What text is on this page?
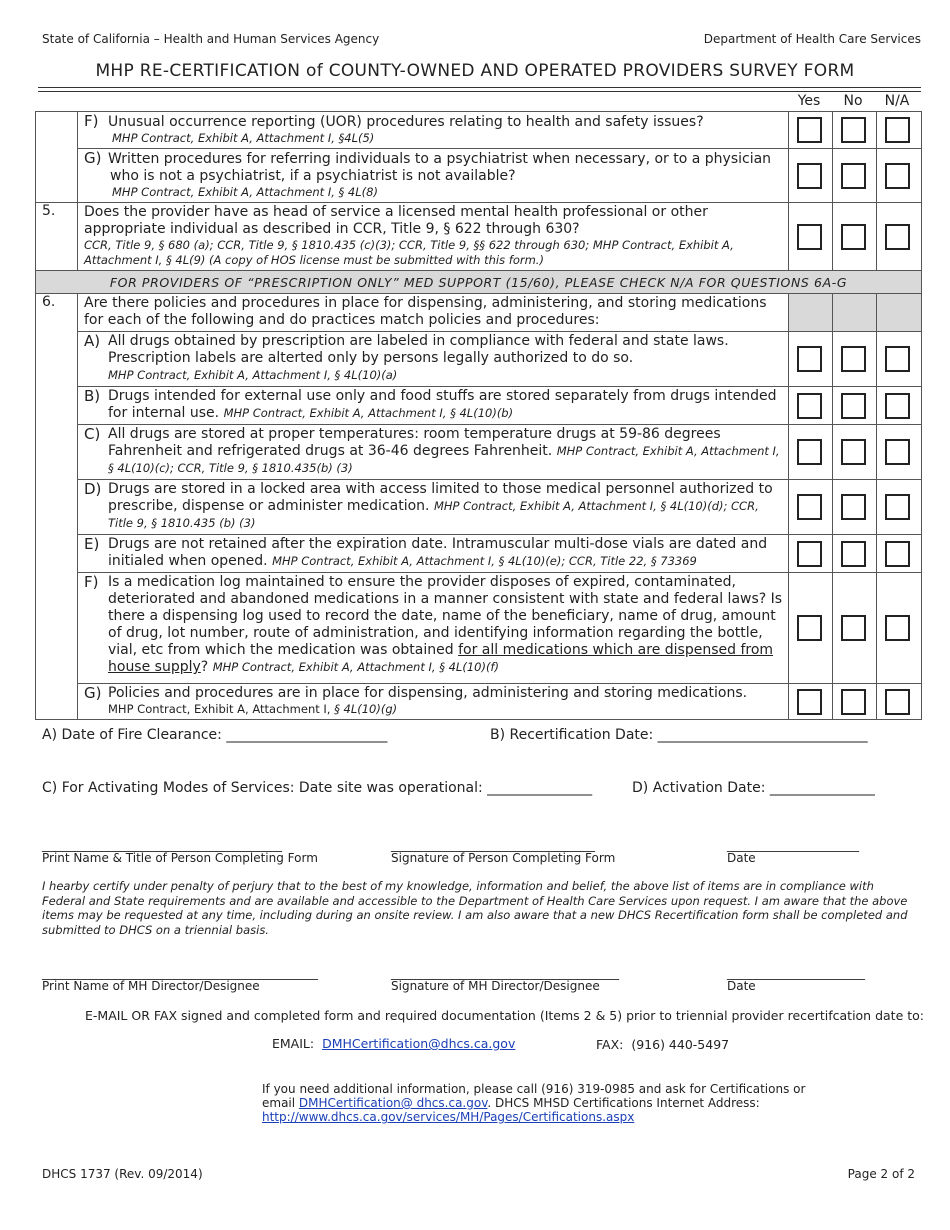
State of California – Health and Human Services Agency	Department of Health Care Services
MHP RE-CERTIFICATION of COUNTY-OWNED AND OPERATED PROVIDERS SURVEY FORM
Yes	No	N/A
	F) Unusual occurrence reporting (UOR) procedures relating to health and safety issues?
MHP Contract, Exhibit A, Attachment I, §4L(5)			

	G) Written procedures for referring individuals to a psychiatrist when necessary, or to a physician
who is not a psychiatrist, if a psychiatrist is not available?
MHP Contract, Exhibit A, Attachment I, § 4L(8)			

5.	Does the provider have as head of service a licensed mental health professional or other appropriate individual as described in CCR, Title 9, § 622 through 630?
CCR, Title 9, § 680 (a); CCR, Title 9, § 1810.435 (c)(3); CCR, Title 9, §§ 622 through 630; MHP Contract, Exhibit A, Attachment I, § 4L(9) (A copy of HOS license must be submitted with this form.)			

FOR PROVIDERS OF “PRESCRIPTION ONLY” MED SUPPORT (15/60), PLEASE CHECK N/A FOR QUESTIONS 6A-G				
6.	Are there policies and procedures in place for dispensing, administering, and storing medications for each of the following and do practices match policies and procedures:			

	A) All drugs obtained by prescription are labeled in compliance with federal and state laws. Prescription labels are alterted only by persons legally authorized to do so.
MHP Contract, Exhibit A, Attachment I, § 4L(10)(a)			

	B) Drugs intended for external use only and food stuffs are stored separately from drugs intended for internal use. MHP Contract, Exhibit A, Attachment I, § 4L(10)(b)			

	C) All drugs are stored at proper temperatures: room temperature drugs at 59-86 degrees Fahrenheit and refrigerated drugs at 36-46 degrees Fahrenheit. MHP Contract, Exhibit A, Attachment I, § 4L(10)(c); CCR, Title 9, § 1810.435(b) (3)			

	D) Drugs are stored in a locked area with access limited to those medical personnel authorized to prescribe, dispense or administer medication. MHP Contract, Exhibit A, Attachment I, § 4L(10)(d); CCR, Title 9, § 1810.435 (b) (3)			

	E) Drugs are not retained after the expiration date. Intramuscular multi-dose vials are dated and initialed when opened. MHP Contract, Exhibit A, Attachment I, § 4L(10)(e); CCR, Title 22, § 73369			

	F) Is a medication log maintained to ensure the provider disposes of expired, contaminated, deteriorated and abandoned medications in a manner consistent with state and federal laws? Is there a dispensing log used to record the date, name of the beneficiary, name of drug, amount of drug, lot number, route of administration, and identifying information regarding the bottle, vial, etc from which the medication was obtained for all medications which are dispensed from house supply? MHP Contract, Exhibit A, Attachment I, § 4L(10)(f)			

	G) Policies and procedures are in place for dispensing, administering and storing medications.
MHP Contract, Exhibit A, Attachment I, § 4L(10)(g)			

A) Date of Fire Clearance: _______________________	B) Recertification Date: ______________________________
C) For Activating Modes of Services: Date site was operational: _______________	D) Activation Date: _______________
________________________________________	__________________________________	______________________
Print Name & Title of Person Completing Form	Signature of Person Completing Form	Date
I hearby certify under penalty of perjury that to the best of my knowledge, information and belief, the above list of items are in compliance with Federal and State requirements and are available and accessible to the Department of Health Care Services upon request. I am aware that the above items may be requested at any time, including during an onsite review. I am also aware that a new DHCS Recertification form shall be completed and submitted to DHCS on a triennial basis.
______________________________________________	______________________________________	_______________________
Print Name of MH Director/Designee	Signature of MH Director/Designee	Date
E-MAIL OR FAX signed and completed form and required documentation (Items 2 & 5) prior to triennial provider recertifcation date to:
EMAIL: DMHCertification@dhcs.ca.gov	FAX: (916) 440-5497
If you need additional information, please call (916) 319-0985 and ask for Certifications or
email DMHCertification@ dhcs.ca.gov. DHCS MHSD Certifications Internet Address:
http://www.dhcs.ca.gov/services/MH/Pages/Certifications.aspx
DHCS 1737 (Rev. 09/2014)	Page 2 of 2
